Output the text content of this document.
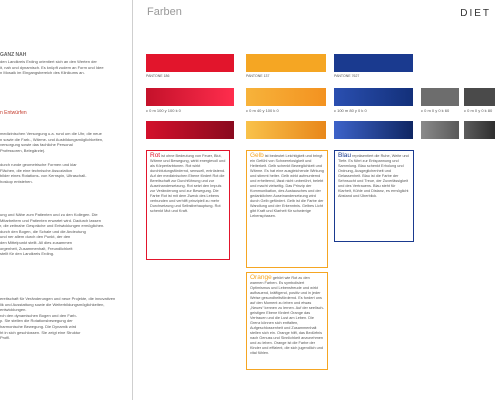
Farben	DIET
GANZ NAH
den Landkreis Erding orientiert sich an den Werten der
it, nah und dynamisch. Es knüpft zudem an Form und Idee
n Mosaik im Eingangsbereich des Klinikums an.
n Entwürfen
medizinischen Versorgung u.a. rund um die Uhr, die neue
n sowie die Farb-, Wärme- und Ausbildungsmöglichkeiten,
versorgung sowie das fachliche Personal
Professoren, Belegärzte).
durch runde geometrische Formen und klar
Flächen, die eine technische Assoziation
bilder eines Rotations- von Kernspin, Ultraschall-
hoskop entstehen.
ung und Nähe zum Patienten und zu den Kollegen. Die
Mitarbeitern und Patienten erwartet wird. Dadurch lassen
r, die zeitnahe Gespräche und Entwicklungen ermöglichen.
durch den Bogen, die Schale und die Andeutung
und ner allem durch den Punkt, der den
den Mittelpunkt stellt. All dies zusammen
orgenheit, Zusammenhalt, Freundlichkeit
stellt für den Landkreis Erding.
ereitschaft für Veränderungen und neue Projekte, die innovativen
lik und Ausstattung sowie die Weiterbildungsmöglichkeiten,
entwicklungen.
rch den dynamischen Bogen und den Farb-
p. Sie stellen die Rotationsbewegung der
harmonische Bewegung. Die Dynamik wird
ht in sich geschlossen. Sie zeigt eine Struktur
Profil.
PANTONE 186	PANTONE 137	PANTONE 7627
c 0 m 100 y 100 k 0	c 0 m 40 y 100 k 0	c 100 m 80 y 0 k 0	c 0 m 0 y 0 k 60	c 0 m 0 y 0 k 80
Rot ist ohne Bedeutung von Feuer, Blut, Wärme und Bewegung, wirkt energievoll und als Körperfarbtonen. Rot wirkt durchblutungsfördernd, sensuell, entrüstend. Auf der medizinischen Ebene fördert Rot die Bereitschaft zur Durchführung und zur Auseinandersetzung. Rot setzt den Impuls zur Veränderung und zur Bewegung. Die Farbe Rot ist mit dem Zweck des Lebens verbunden und verhilft prinzipiell zu mehr Durchsetzung und Selbstbehauptung. Rot schenkt Mut und Kraft.
Gelb ist bedeutet Leichtigkeit und bringt ein Gefühl von Schwerelosigkeit und Heiterkeit. Gelb schenkt Beweglichkeit und Wärme. Es hat eine ausgleichende Wirkung und stimmt heiter. Gelb wirkt aufmunternd und erheiternd, lässt nicht unberührt, belebt und macht vielseitig. Das Prinzip der Kommunikation, des Austausches und der gedanklichen Auseinandersetzung wird durch Gelb gefördert. Gelb ist die Farbe der Wandlung und der Erkenntnis. Gelbes Licht gibt Kraft und Klarheit für schwierige Lebensphasen.
Blau repräsentiert die Ruhe, Weite und Tiefe. Es führt zur Entspannung und Sammlung. Blau schenkt Erholung und Ordnung, Ausgeglichenheit und Gelassenheit. Blau ist die Farbe der Sehnsucht und Treue, der Zuverlässigkeit und des Vertrauens. Blau steht für Klarheit, Kühle und Distanz, es ermöglicht Abstand und Überblick.
Orange gehört wie Rot zu den warmen Farben. Es symbolisiert Optimismus und Lebensfreude und wirkt aufbauend, kräftigend, positiv und in jeder Weise gesundheitsfördernd. Es fordert uns auf den Moment zu leben und etwas „Neues“ kennen zu lernen. Auf der seelisch-geistigen Ebene fördert Orange das Vertrauen und die Lust am Leben. Die Grenz können sich entfalten, Aufgeschlossenheit und Zusammenhalt stellen sich ein. Orange hilft, das Bedürfnis nach Genuss und Sinnlichkeit anzunehmen und zu leben. Orange ist die Farbe der Kinder und effizient, die sich jugendlich und vital fühlen.
